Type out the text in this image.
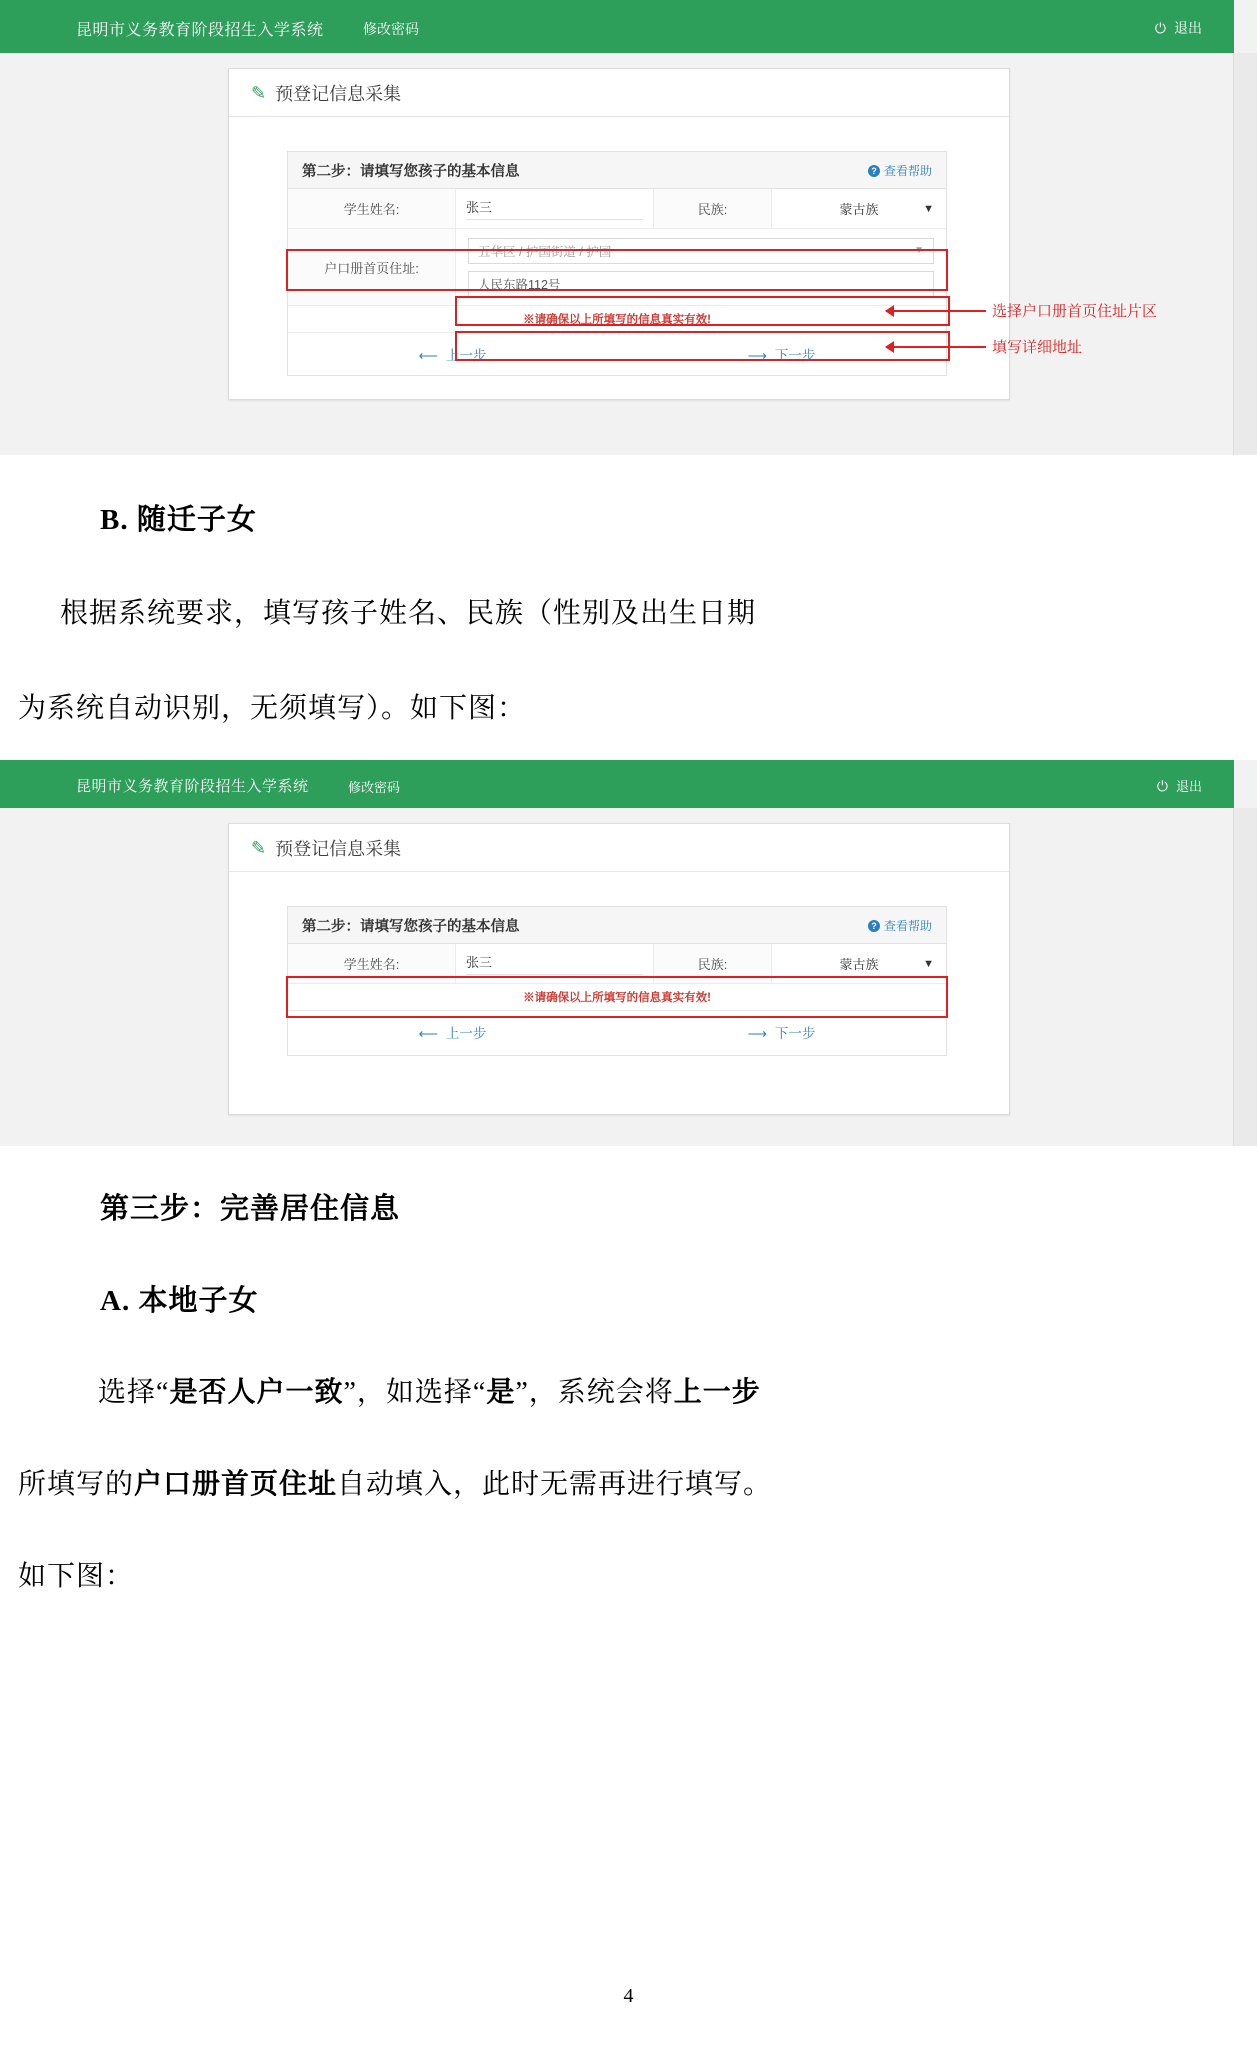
昆明市义务教育阶段招生入学系统	修改密码	⏻ 退出
✎ 预登记信息采集
第二步：请填写您孩子的基本信息	? 查看帮助
学生姓名:	张三	民族:	蒙古族	▼
户口册首页住址:
五华区 / 护国街道 / 护国	▼
人民东路112号
※请确保以上所填写的信息真实有效!
⟵ 上一步	⟶ 下一步
选择户口册首页住址片区
填写详细地址
B. 随迁子女
根据系统要求，填写孩子姓名、民族（性别及出生日期
为系统自动识别，无须填写）。如下图：
昆明市义务教育阶段招生入学系统	修改密码	⏻ 退出
✎ 预登记信息采集
第二步：请填写您孩子的基本信息	? 查看帮助
学生姓名:	张三	民族:	蒙古族	▼
※请确保以上所填写的信息真实有效!
⟵ 上一步	⟶ 下一步
第三步：完善居住信息
A. 本地子女
选择“是否人户一致”，如选择“是”，系统会将上一步
所填写的户口册首页住址自动填入，此时无需再进行填写。
如下图：
4
